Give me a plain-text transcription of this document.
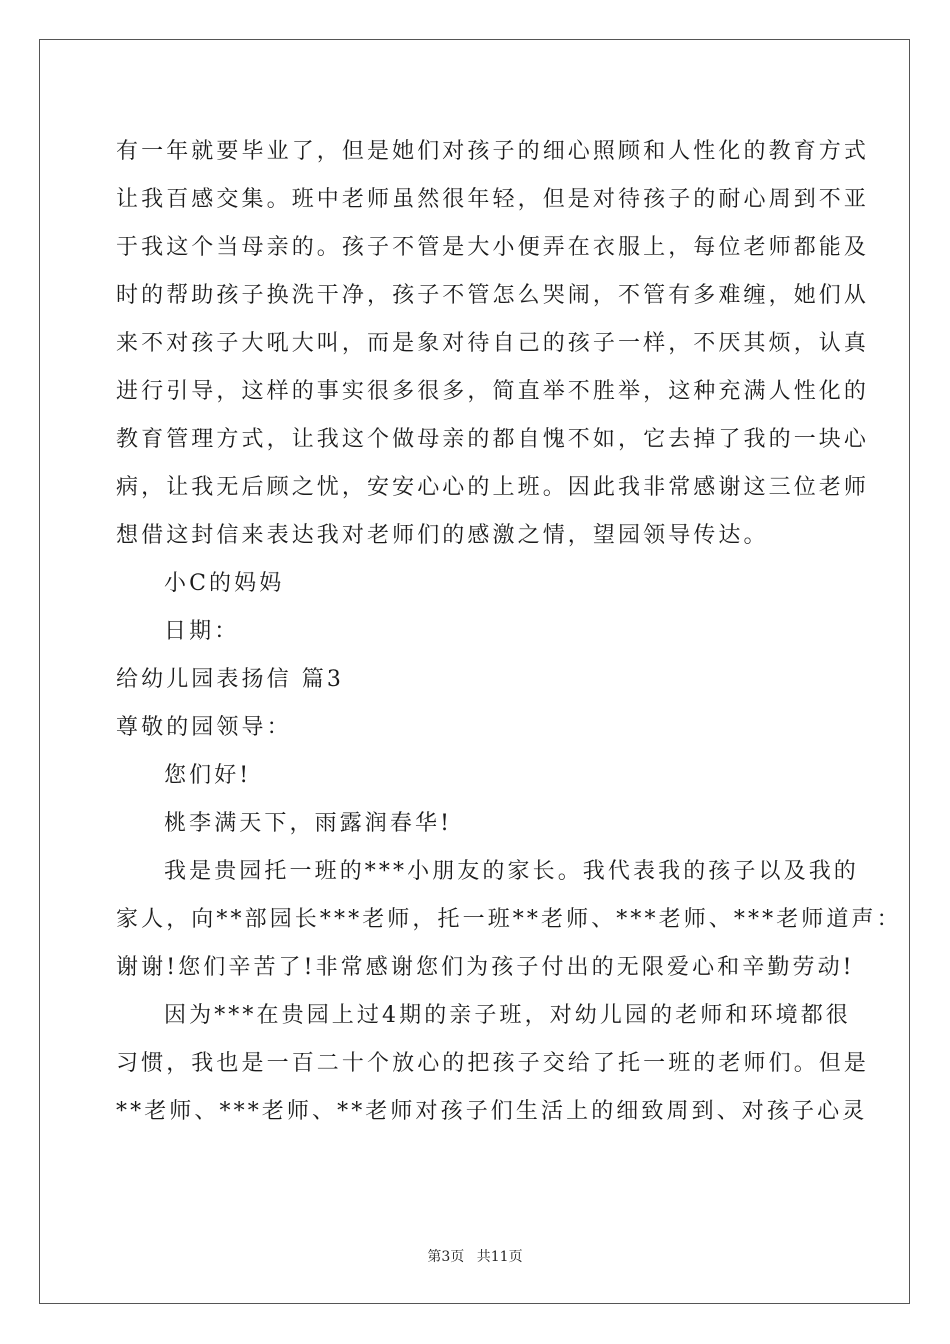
有一年就要毕业了，但是她们对孩子的细心照顾和人性化的教育方式
让我百感交集。班中老师虽然很年轻，但是对待孩子的耐心周到不亚
于我这个当母亲的。孩子不管是大小便弄在衣服上，每位老师都能及
时的帮助孩子换洗干净，孩子不管怎么哭闹，不管有多难缠，她们从
来不对孩子大吼大叫，而是象对待自己的孩子一样，不厌其烦，认真
进行引导，这样的事实很多很多，简直举不胜举，这种充满人性化的
教育管理方式，让我这个做母亲的都自愧不如，它去掉了我的一块心
病，让我无后顾之忧，安安心心的上班。因此我非常感谢这三位老师
想借这封信来表达我对老师们的感激之情，望园领导传达。
小C的妈妈
日期：
给幼儿园表扬信 篇3
尊敬的园领导：
您们好!
桃李满天下，雨露润春华!
我是贵园托一班的***小朋友的家长。我代表我的孩子以及我的
家人，向**部园长***老师，托一班**老师、***老师、***老师道声：
谢谢!您们辛苦了!非常感谢您们为孩子付出的无限爱心和辛勤劳动!
因为***在贵园上过4期的亲子班，对幼儿园的老师和环境都很
习惯，我也是一百二十个放心的把孩子交给了托一班的老师们。但是
**老师、***老师、**老师对孩子们生活上的细致周到、对孩子心灵
第3页 共11页
